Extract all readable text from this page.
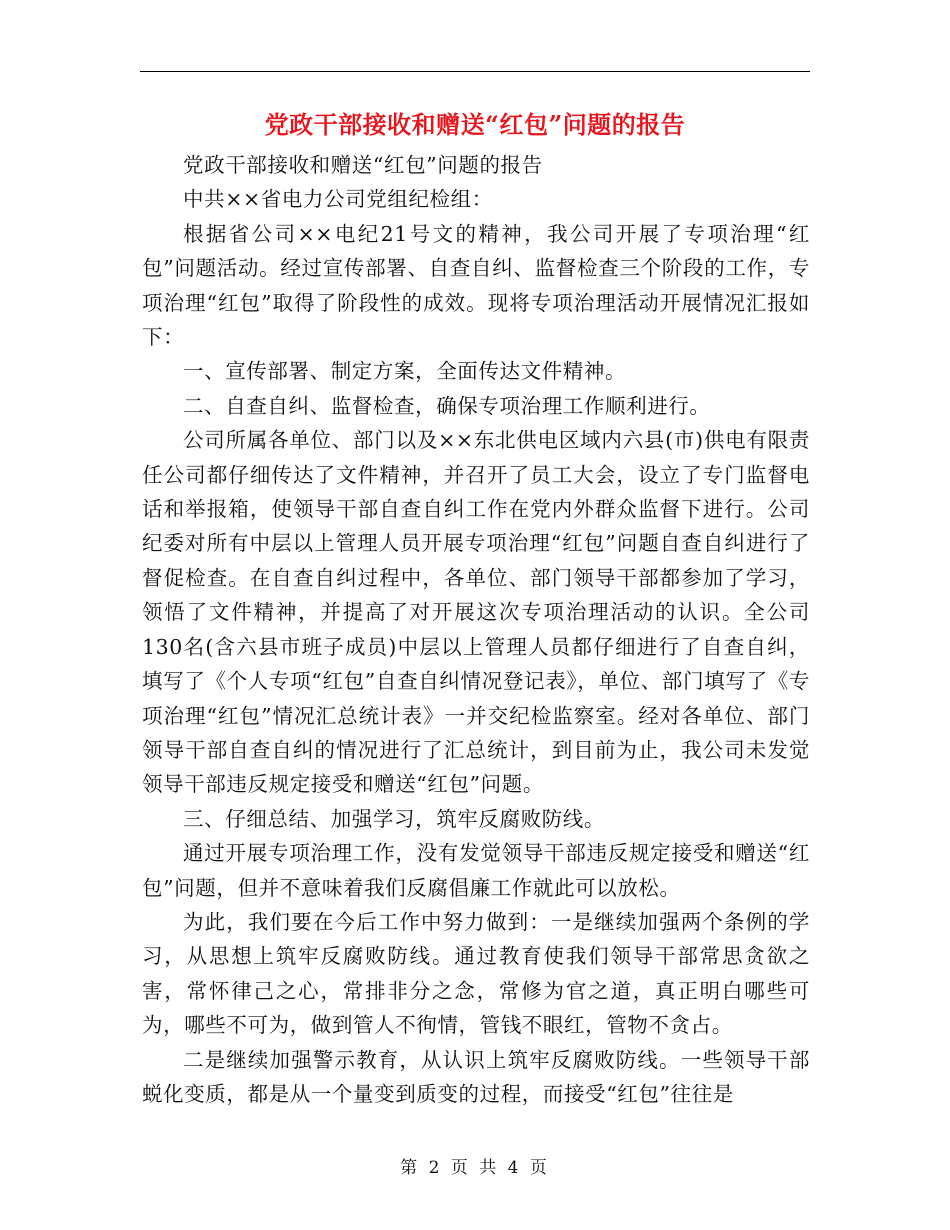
党政干部接收和赠送“红包”问题的报告

党政干部接收和赠送“红包”问题的报告

中共××省电力公司党组纪检组：

根据省公司××电纪21号文的精神，我公司开展了专项治理“红包”问题活动。经过宣传部署、自查自纠、监督检查三个阶段的工作，专项治理“红包”取得了阶段性的成效。现将专项治理活动开展情况汇报如下：

一、宣传部署、制定方案，全面传达文件精神。

二、自查自纠、监督检查，确保专项治理工作顺利进行。

公司所属各单位、部门以及××东北供电区域内六县(市)供电有限责任公司都仔细传达了文件精神，并召开了员工大会，设立了专门监督电话和举报箱，使领导干部自查自纠工作在党内外群众监督下进行。公司纪委对所有中层以上管理人员开展专项治理“红包”问题自查自纠进行了督促检查。在自查自纠过程中，各单位、部门领导干部都参加了学习，领悟了文件精神，并提高了对开展这次专项治理活动的认识。全公司130名(含六县市班子成员)中层以上管理人员都仔细进行了自查自纠，填写了《个人专项“红包”自查自纠情况登记表》，单位、部门填写了《专项治理“红包”情况汇总统计表》一并交纪检监察室。经对各单位、部门领导干部自查自纠的情况进行了汇总统计，到目前为止，我公司未发觉领导干部违反规定接受和赠送“红包”问题。

三、仔细总结、加强学习，筑牢反腐败防线。

通过开展专项治理工作，没有发觉领导干部违反规定接受和赠送“红包”问题，但并不意味着我们反腐倡廉工作就此可以放松。

为此，我们要在今后工作中努力做到：一是继续加强两个条例的学习，从思想上筑牢反腐败防线。通过教育使我们领导干部常思贪欲之害，常怀律己之心，常排非分之念，常修为官之道，真正明白哪些可为，哪些不可为，做到管人不徇情，管钱不眼红，管物不贪占。

二是继续加强警示教育，从认识上筑牢反腐败防线。一些领导干部蜕化变质，都是从一个量变到质变的过程，而接受“红包”往往是

第 2 页 共 4 页
